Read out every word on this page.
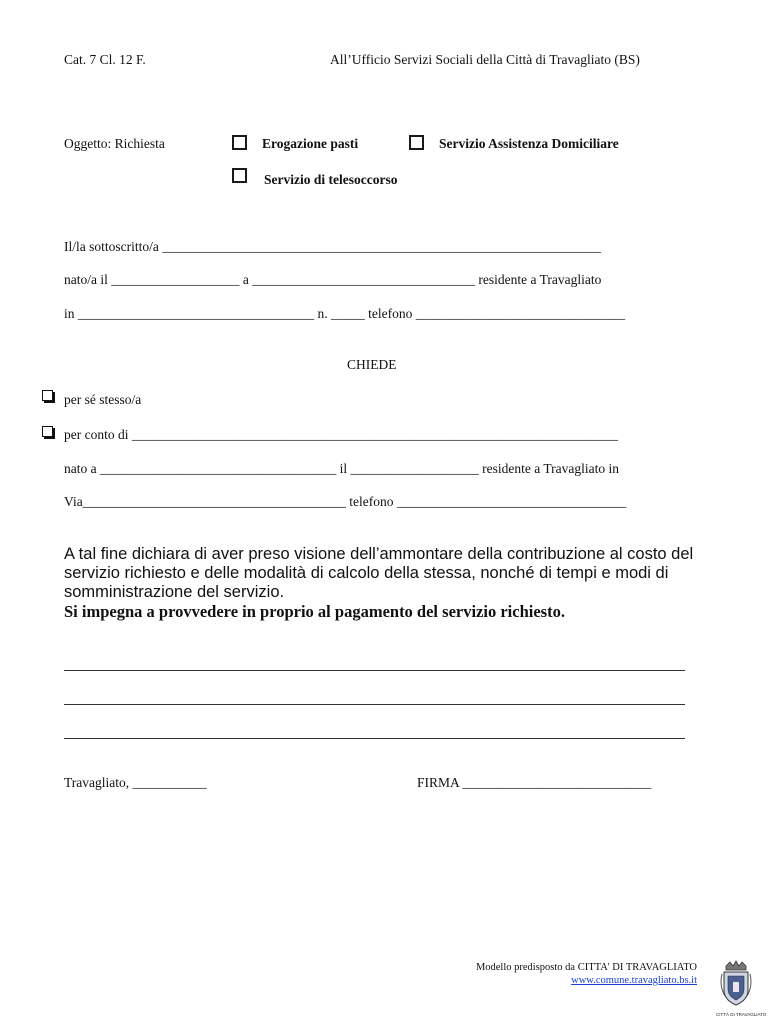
Cat. 7 Cl. 12 F.	All’Ufficio Servizi Sociali della Città di Travagliato (BS)
Oggetto: Richiesta	Erogazione pasti	Servizio Assistenza Domiciliare
Servizio di telesoccorso
Il/la sottoscritto/a _________________________________________________________________
nato/a il ___________________ a _________________________________ residente a Travagliato
in ___________________________________ n. _____ telefono _______________________________
CHIEDE
per sé stesso/a
per conto di ________________________________________________________________________
nato a ___________________________________ il ___________________ residente a Travagliato in
Via_______________________________________ telefono __________________________________
A tal fine dichiara di aver preso visione dell’ammontare della contribuzione al costo del servizio richiesto e delle modalità di calcolo della stessa, nonché di tempi e modi di somministrazione del servizio.
Si impegna a provvedere in proprio al pagamento del servizio richiesto.
Travagliato, ___________	FIRMA ____________________________
Modello predisposto da CITTA' DI TRAVAGLIATO
www.comune.travagliato.bs.it
CITTÀ DI TRAVAGLIATO
